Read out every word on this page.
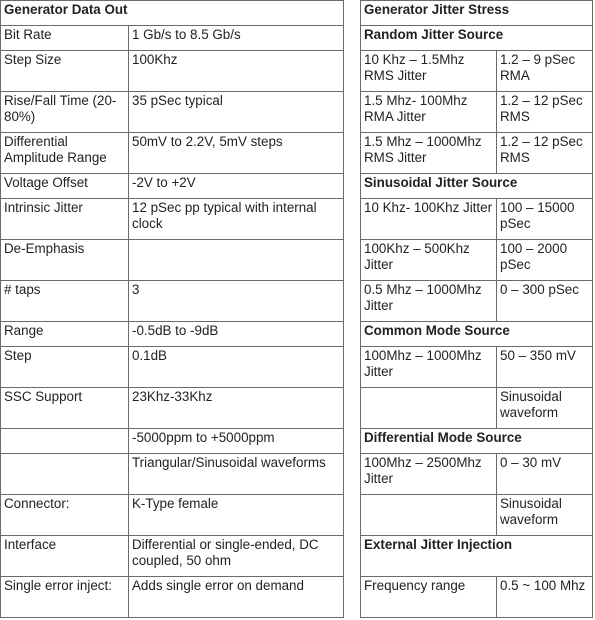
Generator Data Out	
Bit Rate	1 Gb/s to 8.5 Gb/s
Step Size	100Khz
Rise/Fall Time (20-80%)	35 pSec typical
Differential Amplitude Range	50mV to 2.2V, 5mV steps
Voltage Offset	-2V to +2V
Intrinsic Jitter	12 pSec pp typical with internal clock
De-Emphasis	
# taps	3
Range	-0.5dB to -9dB
Step	0.1dB
SSC Support	23Khz-33Khz
	-5000ppm to +5000ppm
	Triangular/Sinusoidal waveforms
Connector:	K-Type female
Interface	Differential or single-ended, DC coupled, 50 ohm
Single error inject:	Adds single error on demand
Generator Jitter Stress	
Random Jitter Source	
10 Khz – 1.5Mhz RMS Jitter	1.2 – 9 pSec RMA
1.5 Mhz- 100Mhz RMA Jitter	1.2 – 12 pSec RMS
1.5 Mhz – 1000Mhz RMS Jitter	1.2 – 12 pSec RMS
Sinusoidal Jitter Source	
10 Khz- 100Khz Jitter	100 – 15000 pSec
100Khz – 500Khz Jitter	100 – 2000 pSec
0.5 Mhz – 1000Mhz Jitter	0 – 300 pSec
Common Mode Source	
100Mhz – 1000Mhz Jitter	50 – 350 mV
	Sinusoidal waveform
Differential Mode Source	
100Mhz – 2500Mhz Jitter	0 – 30 mV
	Sinusoidal waveform
External Jitter Injection	
Frequency range	0.5 ~ 100 Mhz
